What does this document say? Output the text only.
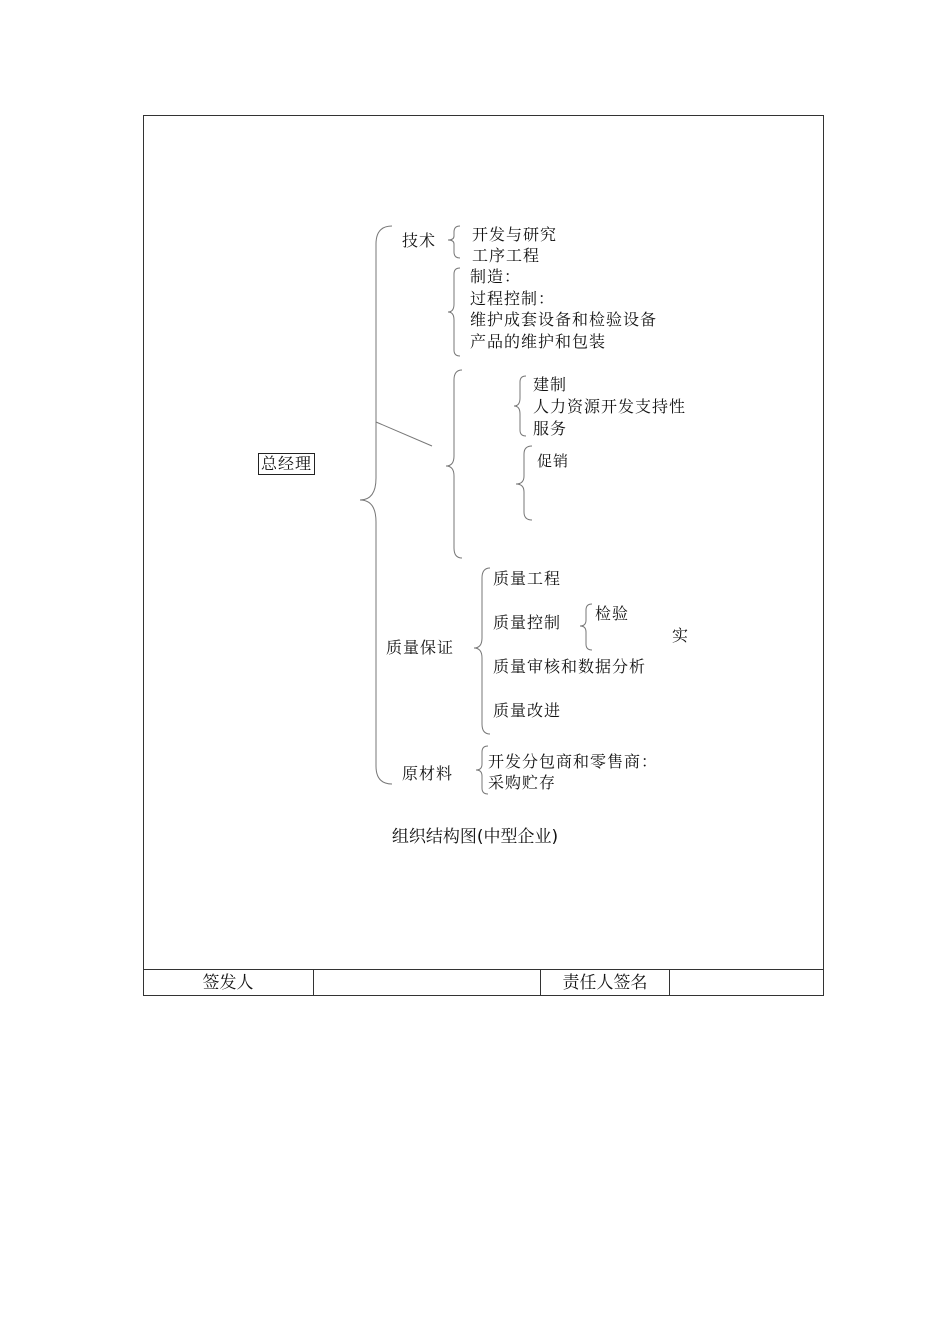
总经理
技术 开发与研究
工序工程
制造：
过程控制：
维护成套设备和检验设备
产品的维护和包装
建制
人力资源开发支持性
服务
促销
质量保证
质量工程
质量控制 检验
实
质量审核和数据分析
质量改进
原材料
开发分包商和零售商：
采购贮存
组织结构图(中型企业)
签发人	责任人签名
